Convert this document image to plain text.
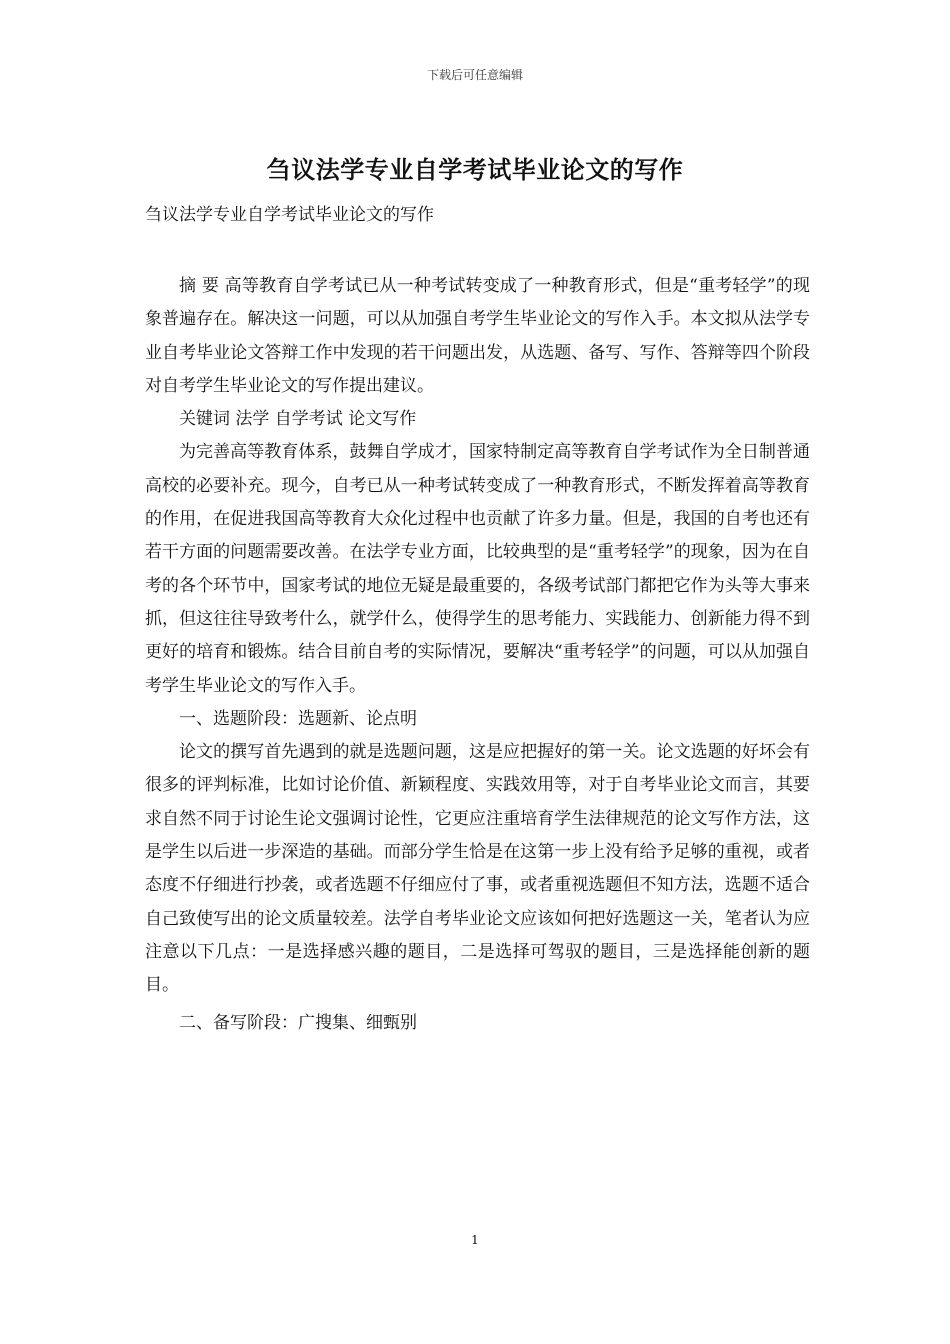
下载后可任意编辑
刍议法学专业自学考试毕业论文的写作

刍议法学专业自学考试毕业论文的写作

摘 要 高等教育自学考试已从一种考试转变成了一种教育形式，但是“重考轻学”的现象普遍存在。解决这一问题，可以从加强自考学生毕业论文的写作入手。本文拟从法学专业自考毕业论文答辩工作中发现的若干问题出发，从选题、备写、写作、答辩等四个阶段对自考学生毕业论文的写作提出建议。

关键词 法学 自学考试 论文写作

为完善高等教育体系，鼓舞自学成才，国家特制定高等教育自学考试作为全日制普通高校的必要补充。现今，自考已从一种考试转变成了一种教育形式，不断发挥着高等教育的作用，在促进我国高等教育大众化过程中也贡献了许多力量。但是，我国的自考也还有若干方面的问题需要改善。在法学专业方面，比较典型的是“重考轻学”的现象，因为在自考的各个环节中，国家考试的地位无疑是最重要的，各级考试部门都把它作为头等大事来抓，但这往往导致考什么，就学什么，使得学生的思考能力、实践能力、创新能力得不到更好的培育和锻炼。结合目前自考的实际情况，要解决“重考轻学”的问题，可以从加强自考学生毕业论文的写作入手。

一、选题阶段：选题新、论点明

论文的撰写首先遇到的就是选题问题，这是应把握好的第一关。论文选题的好坏会有很多的评判标准，比如讨论价值、新颖程度、实践效用等，对于自考毕业论文而言，其要求自然不同于讨论生论文强调讨论性，它更应注重培育学生法律规范的论文写作方法，这是学生以后进一步深造的基础。而部分学生恰是在这第一步上没有给予足够的重视，或者态度不仔细进行抄袭，或者选题不仔细应付了事，或者重视选题但不知方法，选题不适合自己致使写出的论文质量较差。法学自考毕业论文应该如何把好选题这一关，笔者认为应注意以下几点：一是选择感兴趣的题目，二是选择可驾驭的题目，三是选择能创新的题目。

二、备写阶段：广搜集、细甄别

1
